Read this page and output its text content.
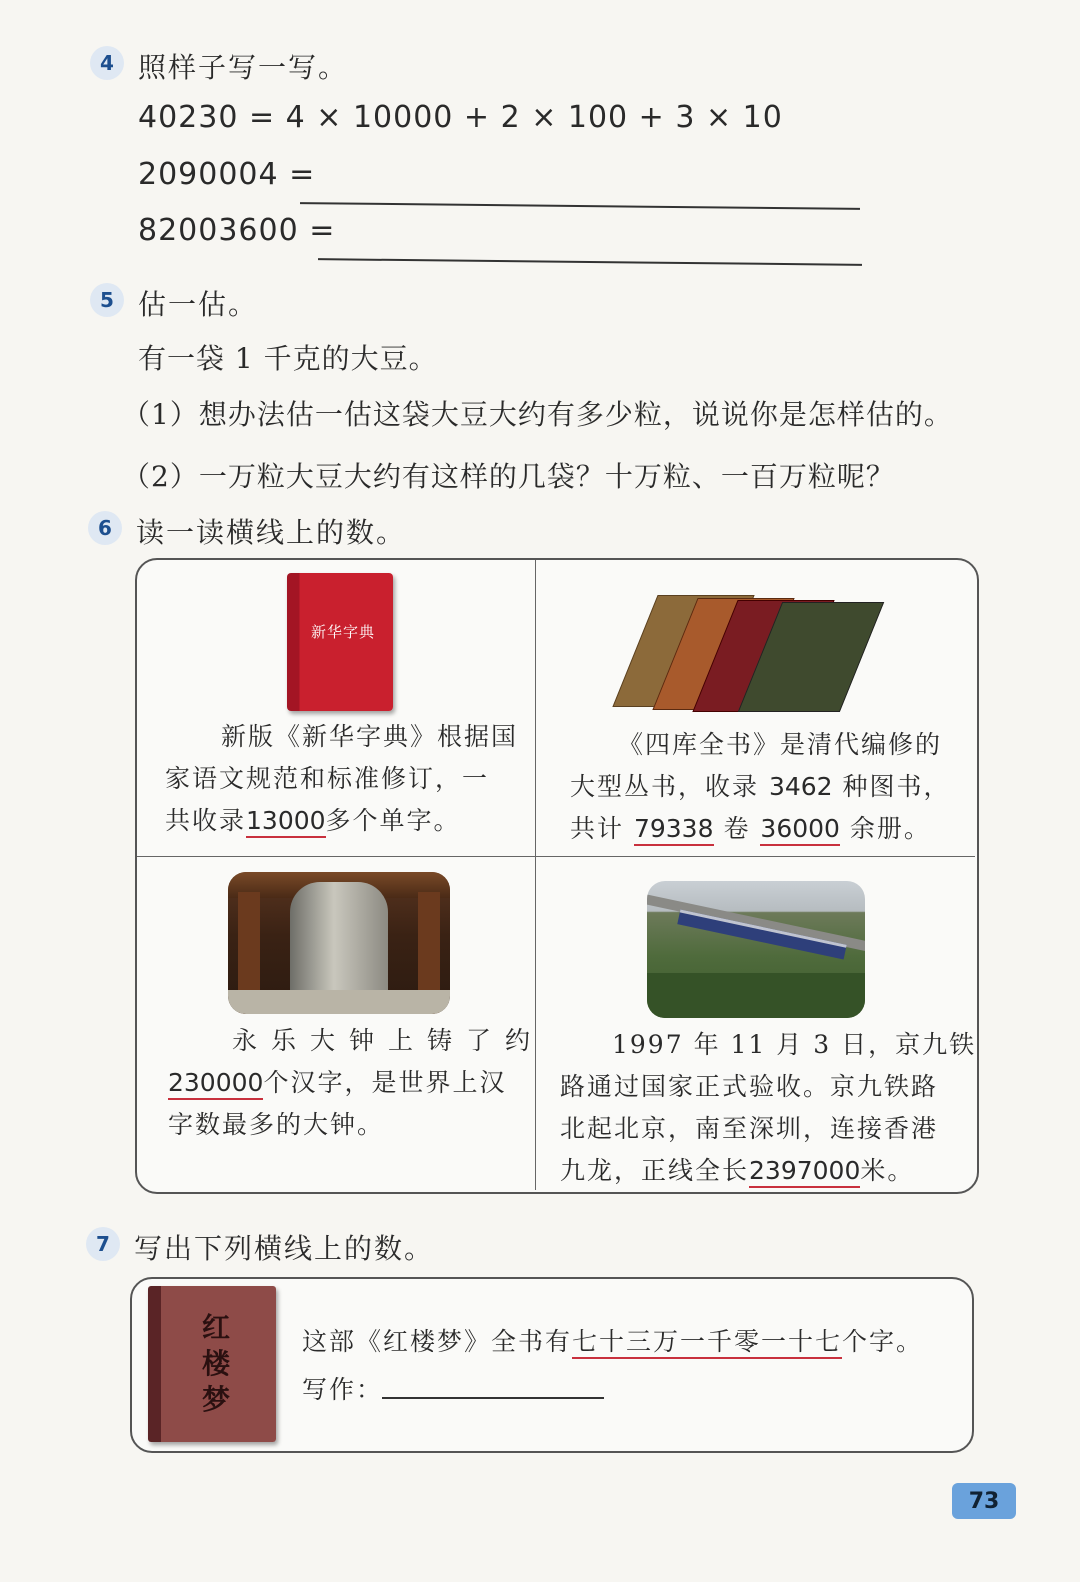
4 照样子写一写。
40230 = 4 × 10000 + 2 × 100 + 3 × 10
2090004 =
82003600 =
5 估一估。
有一袋 1 千克的大豆。
（1）想办法估一估这袋大豆大约有多少粒，说说你是怎样估的。
（2）一万粒大豆大约有这样的几袋？十万粒、一百万粒呢？
6 读一读横线上的数。
新华字典
新版《新华字典》根据国
家语文规范和标准修订，一
共收录13000多个单字。
《四库全书》是清代编修的
大型丛书，收录 3462 种图书，
共计 79338 卷 36000 余册。
永乐大钟上铸了约
230000个汉字，是世界上汉
字数最多的大钟。
1997 年 11 月 3 日，京九铁
路通过国家正式验收。京九铁路
北起北京，南至深圳，连接香港
九龙，正线全长2397000米。
7 写出下列横线上的数。
红楼梦
这部《红楼梦》全书有七十三万一千零一十七个字。
写作：
73
